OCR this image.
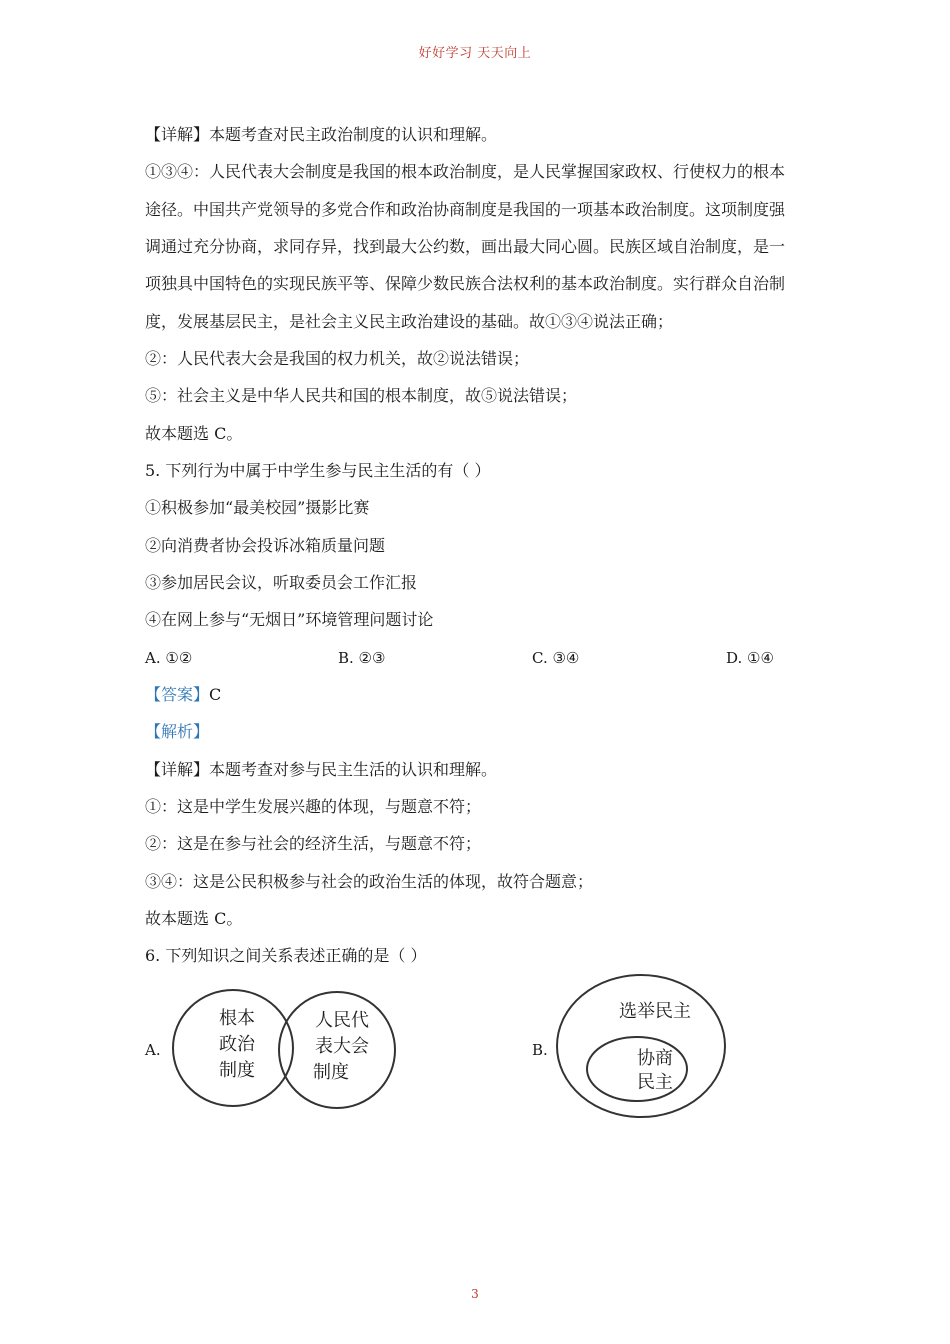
好好学习 天天向上
【详解】本题考查对民主政治制度的认识和理解。
①③④：人民代表大会制度是我国的根本政治制度，是人民掌握国家政权、行使权力的根本
途径。中国共产党领导的多党合作和政治协商制度是我国的一项基本政治制度。这项制度强
调通过充分协商，求同存异，找到最大公约数，画出最大同心圆。民族区域自治制度，是一
项独具中国特色的实现民族平等、保障少数民族合法权利的基本政治制度。实行群众自治制
度，发展基层民主，是社会主义民主政治建设的基础。故①③④说法正确；
②：人民代表大会是我国的权力机关，故②说法错误；
⑤：社会主义是中华人民共和国的根本制度，故⑤说法错误；
故本题选 C。
5. 下列行为中属于中学生参与民主生活的有（ ）
①积极参加“最美校园”摄影比赛
②向消费者协会投诉冰箱质量问题
③参加居民会议，听取委员会工作汇报
④在网上参与“无烟日”环境管理问题讨论
A. ①②	B. ②③	C. ③④	D. ①④
【答案】C
【解析】
【详解】本题考查对参与民主生活的认识和理解。
①：这是中学生发展兴趣的体现，与题意不符；
②：这是在参与社会的经济生活，与题意不符；
③④：这是公民积极参与社会的政治生活的体现，故符合题意；
故本题选 C。
6. 下列知识之间关系表述正确的是（ ）
A.
根本
政治
制度
人民代
表大会
制度
B.
选举民主
协商
民主
3
